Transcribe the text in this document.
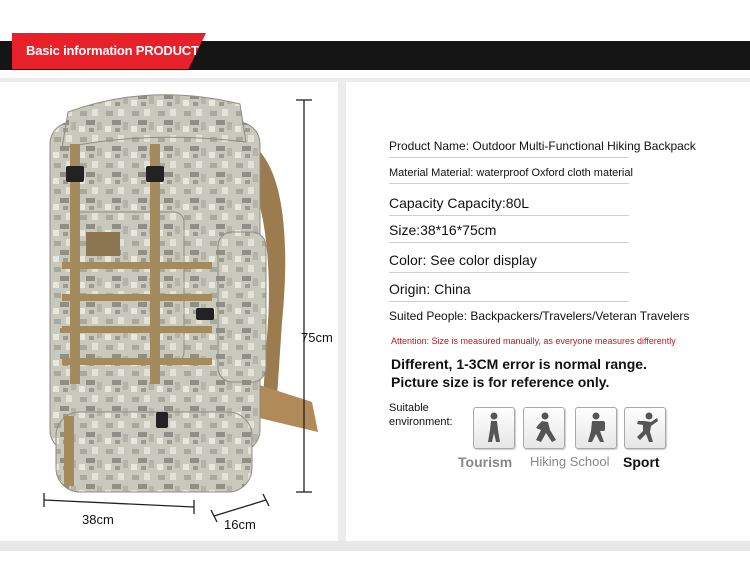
Basic information PRODUCT
75cm
38cm	16cm
Product Name: Outdoor Multi-Functional Hiking Backpack
Material Material: waterproof Oxford cloth material
Capacity Capacity:80L
Size:38*16*75cm
Color: See color display
Origin: China
Suited People: Backpackers/Travelers/Veteran Travelers
Attention: Size is measured manually, as everyone measures differently
Different, 1-3CM error is normal range.
Picture size is for reference only.
Suitable environment:
Tourism Hiking School Sport
